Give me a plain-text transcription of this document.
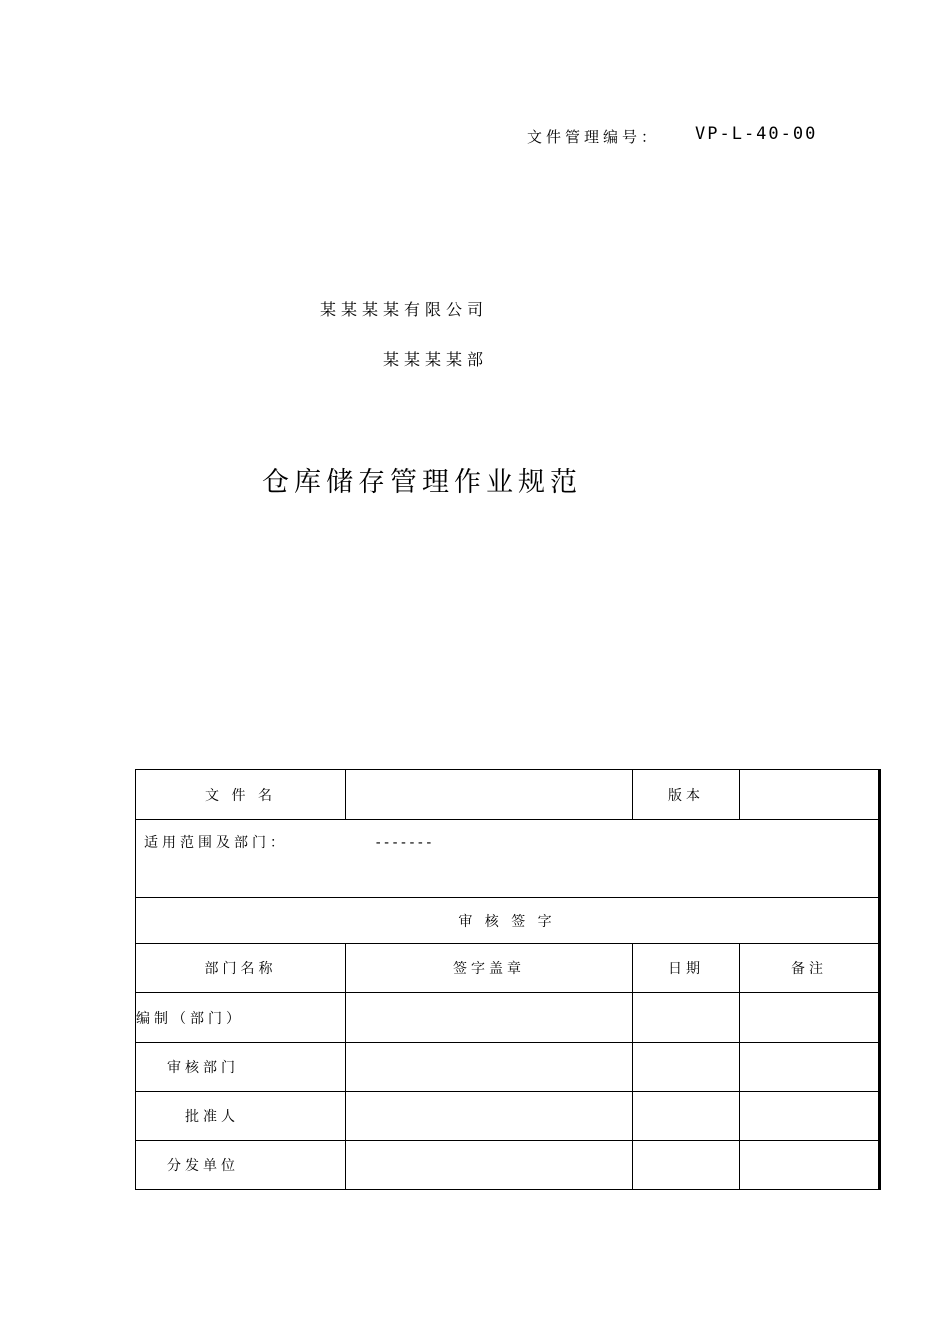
文件管理编号： VP-L-40-00
某某某某有限公司
某某某某部
仓库储存管理作业规范
文 件 名		版本	

适用范围及部门： -------			

审 核 签 字			
部门名称	签字盖章	日期	备注
编制（部门）			
审核部门			
批准人			
分发单位			
